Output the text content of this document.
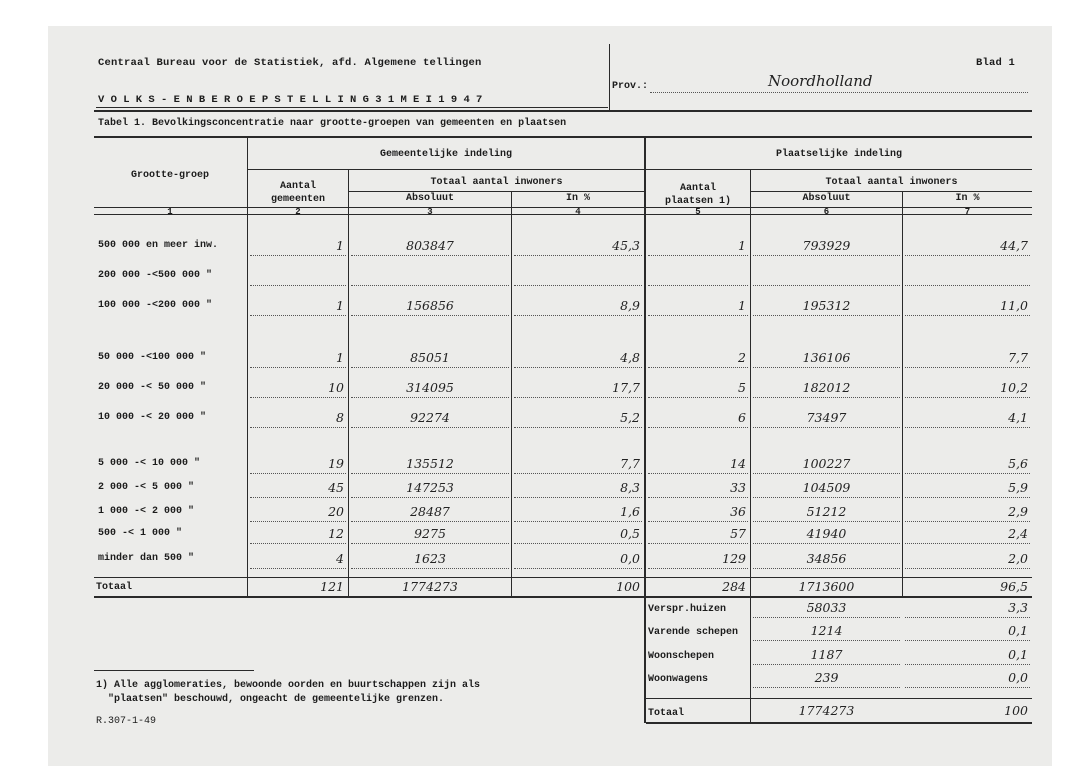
Centraal Bureau voor de Statistiek, afd. Algemene tellingen
V O L K S - E N B E R O E P S T E L L I N G 3 1 M E I 1 9 4 7
Prov.:	Noordholland
Blad 1
Tabel 1. Bevolkingsconcentratie naar grootte-groepen van gemeenten en plaatsen
Grootte-groep
Gemeentelijke indeling	Plaatselijke indeling
Aantal
gemeenten
Totaal aantal inwoners
Absoluut	In %
Aantal
plaatsen 1)
Totaal aantal inwoners
Absoluut	In %
1	2	3	4	5	6	7
500 000 en meer inw.	1	803847	45,3	1	793929	44,7
200 000 -<500 000 "
100 000 -<200 000 "	1	156856	8,9	1	195312	11,0
50 000 -<100 000 "	1	85051	4,8	2	136106	7,7
20 000 -< 50 000 "	10	314095	17,7	5	182012	10,2
10 000 -< 20 000 "	8	92274	5,2	6	73497	4,1
5 000 -< 10 000 "	19	135512	7,7	14	100227	5,6
2 000 -< 5 000 "	45	147253	8,3	33	104509	5,9
1 000 -< 2 000 "	20	28487	1,6	36	51212	2,9
500 -< 1 000 "	12	9275	0,5	57	41940	2,4
minder dan 500 "	4	1623	0,0	129	34856	2,0
Totaal	121	1774273	100	284	1713600	96,5
Verspr.huizen	58033	3,3
Varende schepen	1214	0,1
Woonschepen	1187	0,1
Woonwagens	239	0,0
Totaal	1774273	100
1) Alle agglomeraties, bewoonde oorden en buurtschappen zijn als
"plaatsen" beschouwd, ongeacht de gemeentelijke grenzen.
R.307-1-49
